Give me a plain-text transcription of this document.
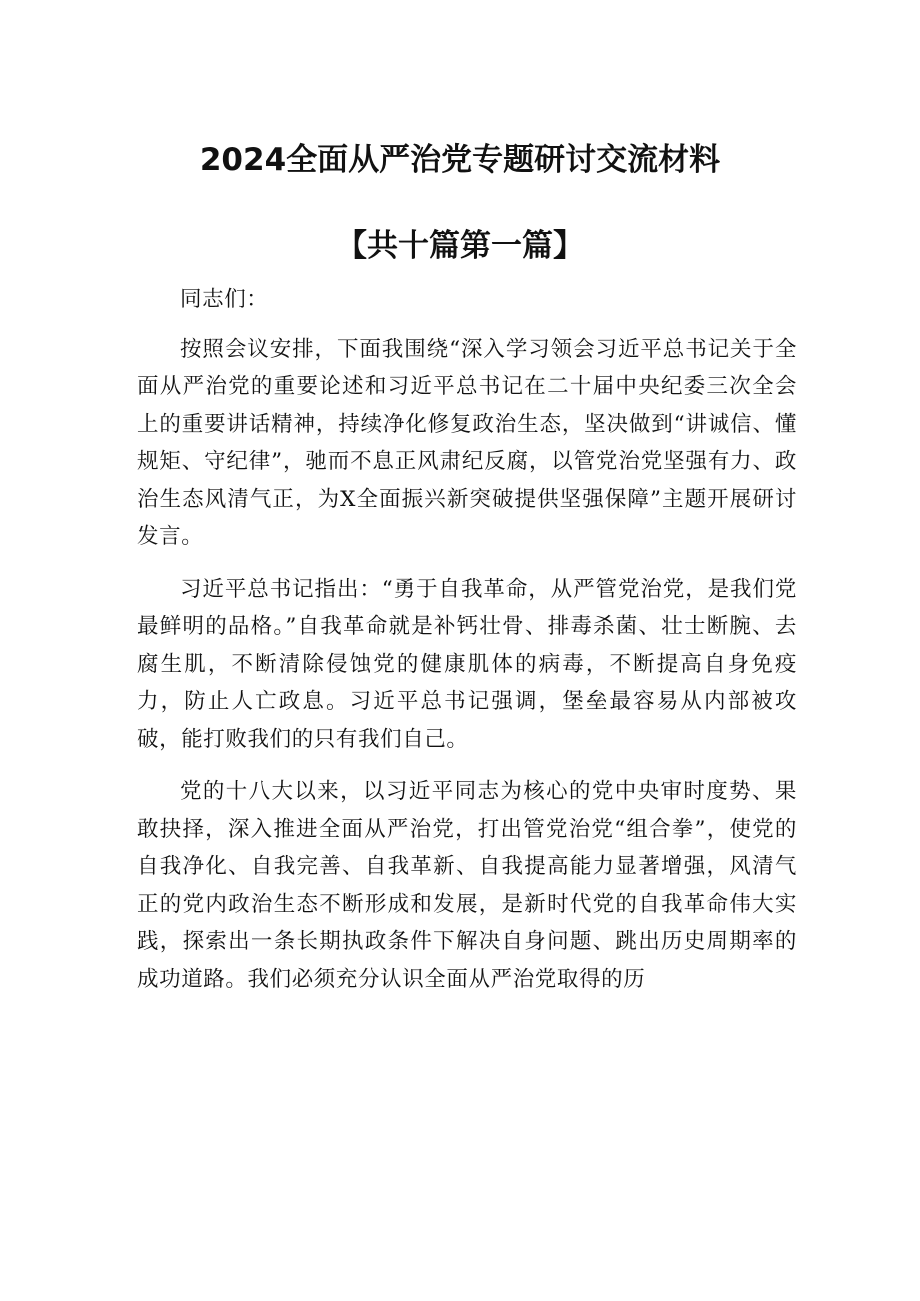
2024全面从严治党专题研讨交流材料
【共十篇第一篇】

同志们：

按照会议安排，下面我围绕“深入学习领会习近平总书记关于全面从严治党的重要论述和习近平总书记在二十届中央纪委三次全会上的重要讲话精神，持续净化修复政治生态，坚决做到“讲诚信、懂规矩、守纪律”，驰而不息正风肃纪反腐，以管党治党坚强有力、政治生态风清气正，为X全面振兴新突破提供坚强保障”主题开展研讨发言。

习近平总书记指出：“勇于自我革命，从严管党治党，是我们党最鲜明的品格。”自我革命就是补钙壮骨、排毒杀菌、壮士断腕、去腐生肌，不断清除侵蚀党的健康肌体的病毒，不断提高自身免疫力，防止人亡政息。习近平总书记强调，堡垒最容易从内部被攻破，能打败我们的只有我们自己。

党的十八大以来，以习近平同志为核心的党中央审时度势、果敢抉择，深入推进全面从严治党，打出管党治党“组合拳”，使党的自我净化、自我完善、自我革新、自我提高能力显著增强，风清气正的党内政治生态不断形成和发展，是新时代党的自我革命伟大实践，探索出一条长期执政条件下解决自身问题、跳出历史周期率的成功道路。我们必须充分认识全面从严治党取得的历
